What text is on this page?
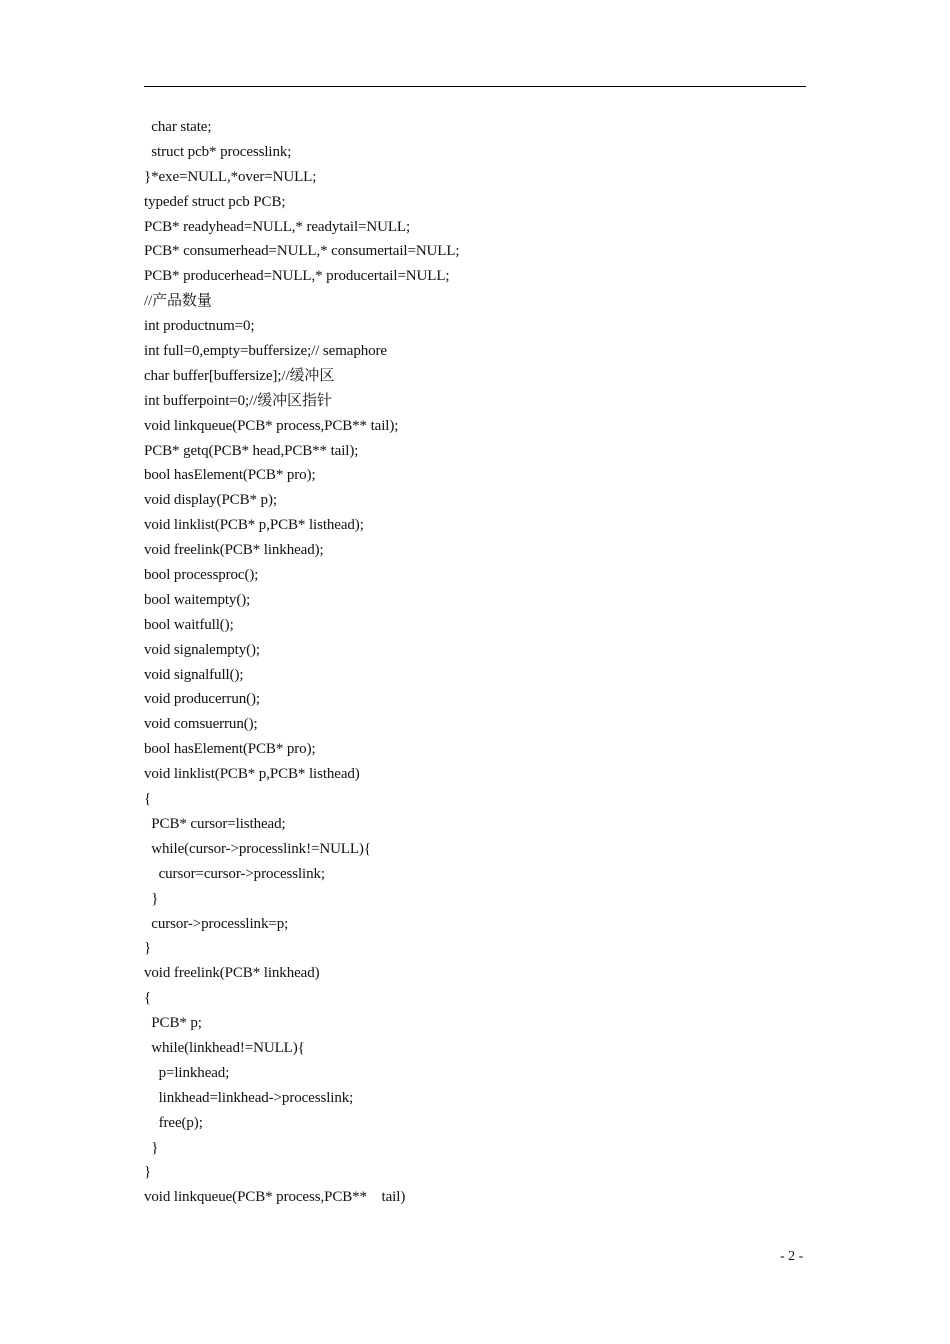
char state;
struct pcb* processlink;
}*exe=NULL,*over=NULL;
typedef struct pcb PCB;
PCB* readyhead=NULL,* readytail=NULL;
PCB* consumerhead=NULL,* consumertail=NULL;
PCB* producerhead=NULL,* producertail=NULL;
//产品数量
int productnum=0;
int full=0,empty=buffersize;// semaphore
char buffer[buffersize];//缓冲区
int bufferpoint=0;//缓冲区指针
void linkqueue(PCB* process,PCB** tail);
PCB* getq(PCB* head,PCB** tail);
bool hasElement(PCB* pro);
void display(PCB* p);
void linklist(PCB* p,PCB* listhead);
void freelink(PCB* linkhead);
bool processproc();
bool waitempty();
bool waitfull();
void signalempty();
void signalfull();
void producerrun();
void comsuerrun();
bool hasElement(PCB* pro);
void linklist(PCB* p,PCB* listhead)
{
PCB* cursor=listhead;
while(cursor->processlink!=NULL){
cursor=cursor->processlink;
}
cursor->processlink=p;
}
void freelink(PCB* linkhead)
{
PCB* p;
while(linkhead!=NULL){
p=linkhead;
linkhead=linkhead->processlink;
free(p);
}
}
void linkqueue(PCB* process,PCB**    tail)
- 2 -
